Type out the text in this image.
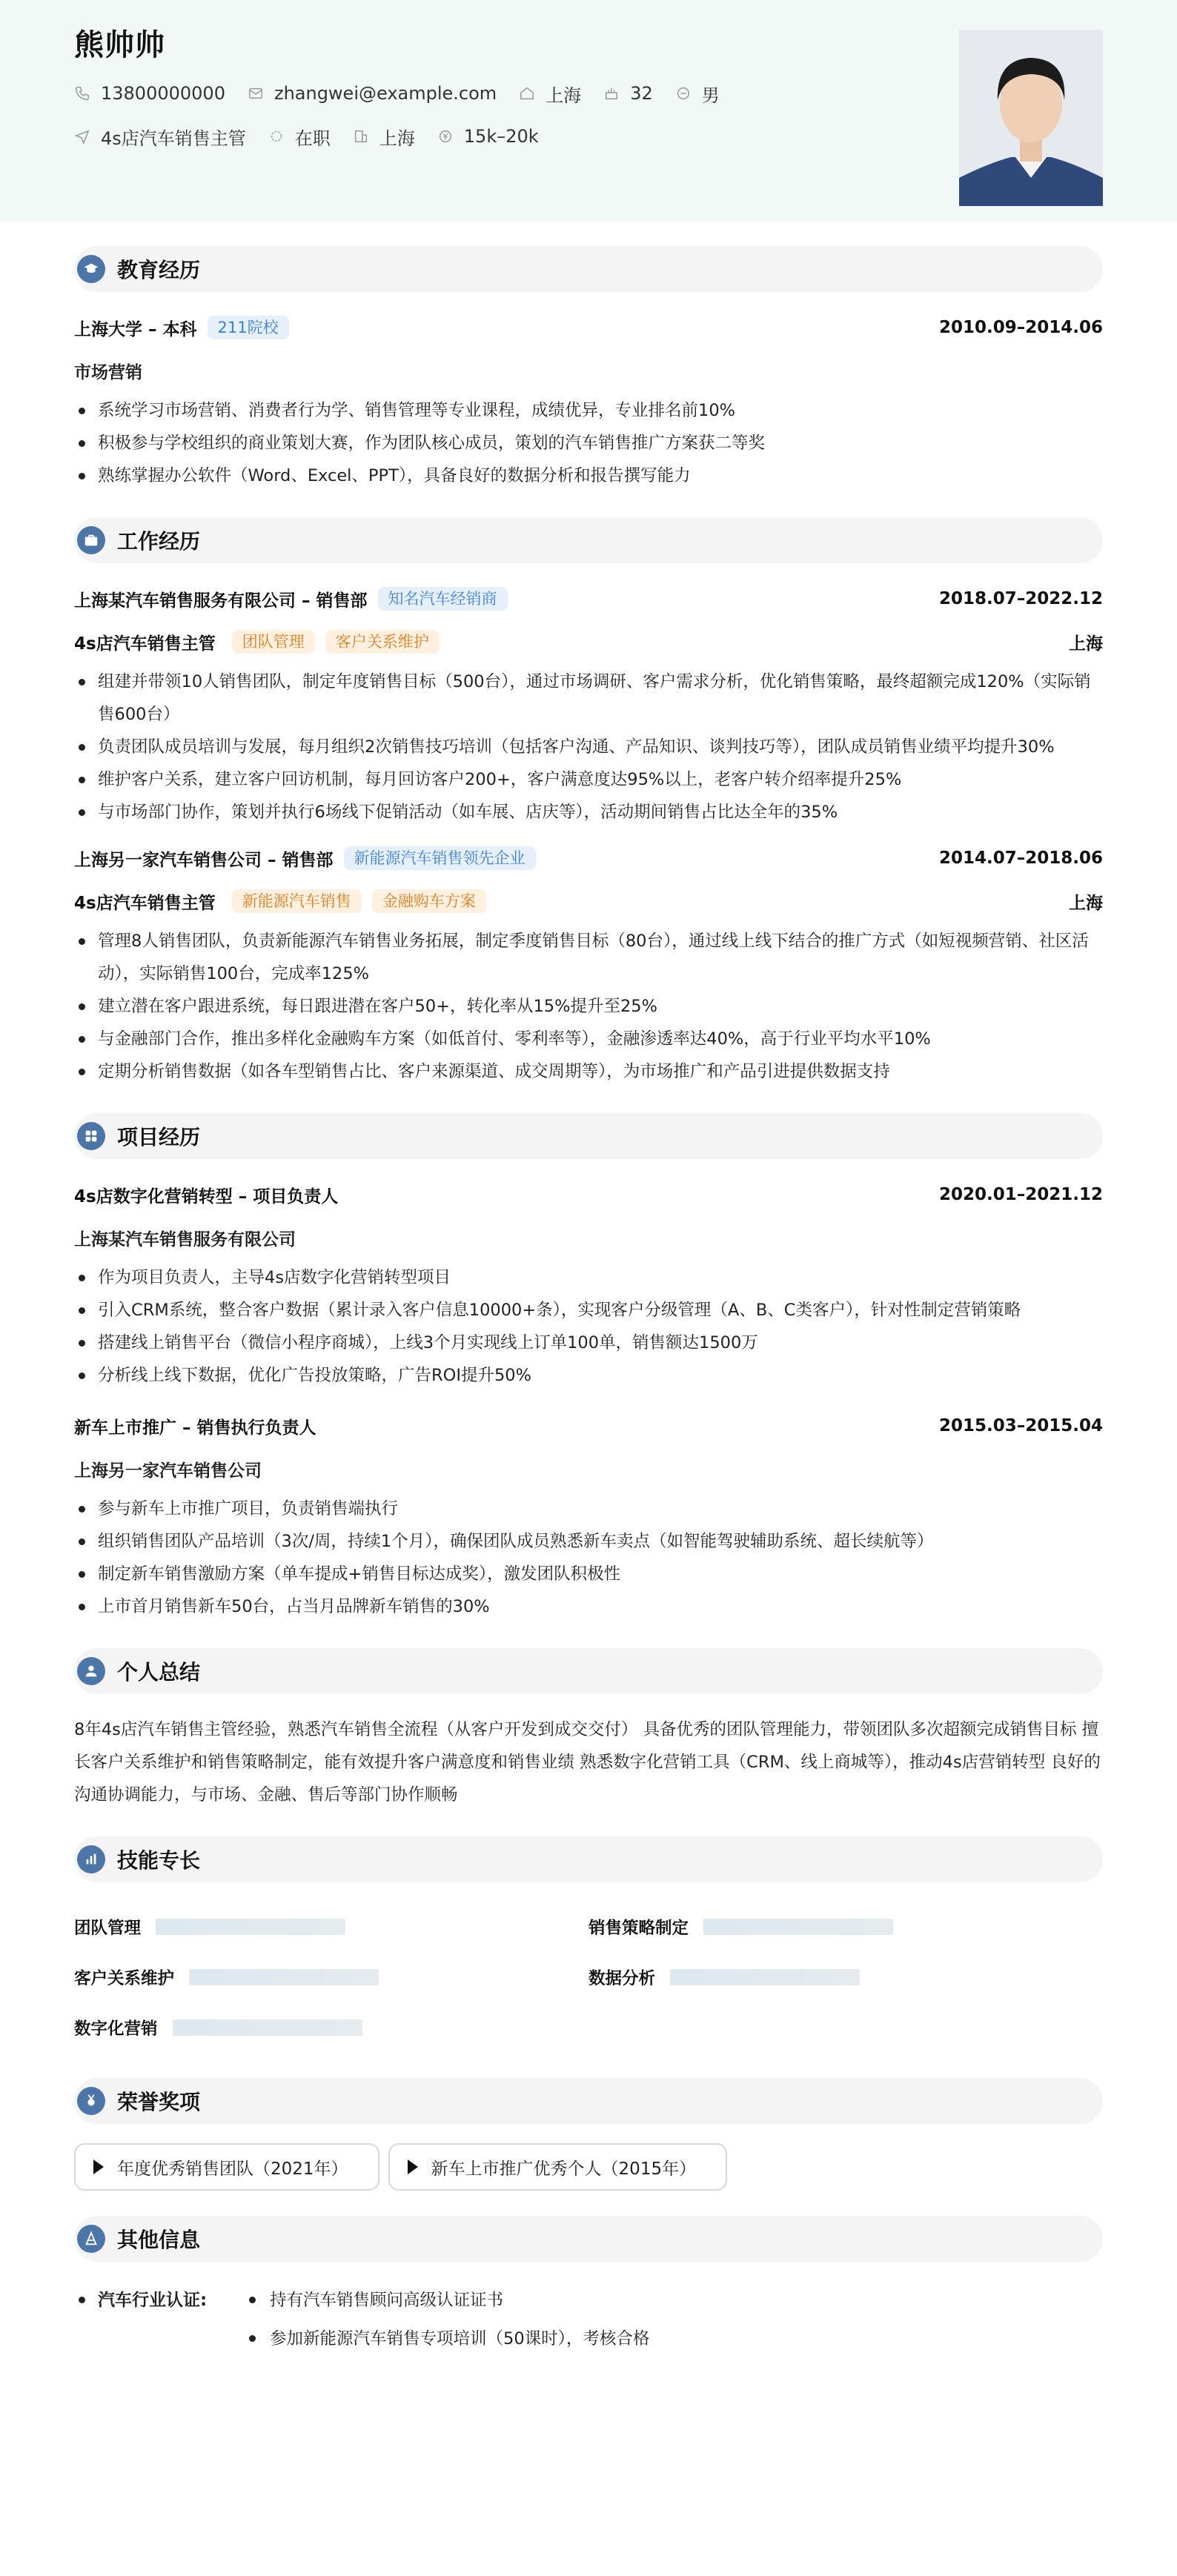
熊帅帅
13800000000	zhangwei@example.com	上海	32	男
4s店汽车销售主管	在职	上海	15k–20k
教育经历
上海大学 – 本科	211院校	2010.09–2014.06
市场营销
系统学习市场营销、消费者行为学、销售管理等专业课程，成绩优异，专业排名前10%
积极参与学校组织的商业策划大赛，作为团队核心成员，策划的汽车销售推广方案获二等奖
熟练掌握办公软件（Word、Excel、PPT），具备良好的数据分析和报告撰写能力
工作经历
上海某汽车销售服务有限公司 – 销售部	知名汽车经销商	2018.07–2022.12
4s店汽车销售主管	团队管理	客户关系维护	上海
组建并带领10人销售团队，制定年度销售目标（500台），通过市场调研、客户需求分析，优化销售策略，最终超额完成120%（实际销售600台）
负责团队成员培训与发展，每月组织2次销售技巧培训（包括客户沟通、产品知识、谈判技巧等），团队成员销售业绩平均提升30%
维护客户关系，建立客户回访机制，每月回访客户200+，客户满意度达95%以上，老客户转介绍率提升25%
与市场部门协作，策划并执行6场线下促销活动（如车展、店庆等），活动期间销售占比达全年的35%
上海另一家汽车销售公司 – 销售部	新能源汽车销售领先企业	2014.07–2018.06
4s店汽车销售主管	新能源汽车销售	金融购车方案	上海
管理8人销售团队，负责新能源汽车销售业务拓展，制定季度销售目标（80台），通过线上线下结合的推广方式（如短视频营销、社区活动），实际销售100台，完成率125%
建立潜在客户跟进系统，每日跟进潜在客户50+，转化率从15%提升至25%
与金融部门合作，推出多样化金融购车方案（如低首付、零利率等），金融渗透率达40%，高于行业平均水平10%
定期分析销售数据（如各车型销售占比、客户来源渠道、成交周期等），为市场推广和产品引进提供数据支持
项目经历
4s店数字化营销转型 – 项目负责人	2020.01–2021.12
上海某汽车销售服务有限公司
作为项目负责人，主导4s店数字化营销转型项目
引入CRM系统，整合客户数据（累计录入客户信息10000+条），实现客户分级管理（A、B、C类客户），针对性制定营销策略
搭建线上销售平台（微信小程序商城），上线3个月实现线上订单100单，销售额达1500万
分析线上线下数据，优化广告投放策略，广告ROI提升50%
新车上市推广 – 销售执行负责人	2015.03–2015.04
上海另一家汽车销售公司
参与新车上市推广项目，负责销售端执行
组织销售团队产品培训（3次/周，持续1个月），确保团队成员熟悉新车卖点（如智能驾驶辅助系统、超长续航等）
制定新车销售激励方案（单车提成+销售目标达成奖），激发团队积极性
上市首月销售新车50台，占当月品牌新车销售的30%
个人总结

8年4s店汽车销售主管经验，熟悉汽车销售全流程（从客户开发到成交交付） 具备优秀的团队管理能力，带领团队多次超额完成销售目标 擅长客户关系维护和销售策略制定，能有效提升客户满意度和销售业绩 熟悉数字化营销工具（CRM、线上商城等），推动4s店营销转型 良好的沟通协调能力，与市场、金融、售后等部门协作顺畅

技能专长
团队管理	销售策略制定
客户关系维护	数据分析
数字化营销
荣誉奖项
年度优秀销售团队（2021年）	新车上市推广优秀个人（2015年）
其他信息
汽车行业认证:	持有汽车销售顾问高级认证证书
参加新能源汽车销售专项培训（50课时），考核合格
